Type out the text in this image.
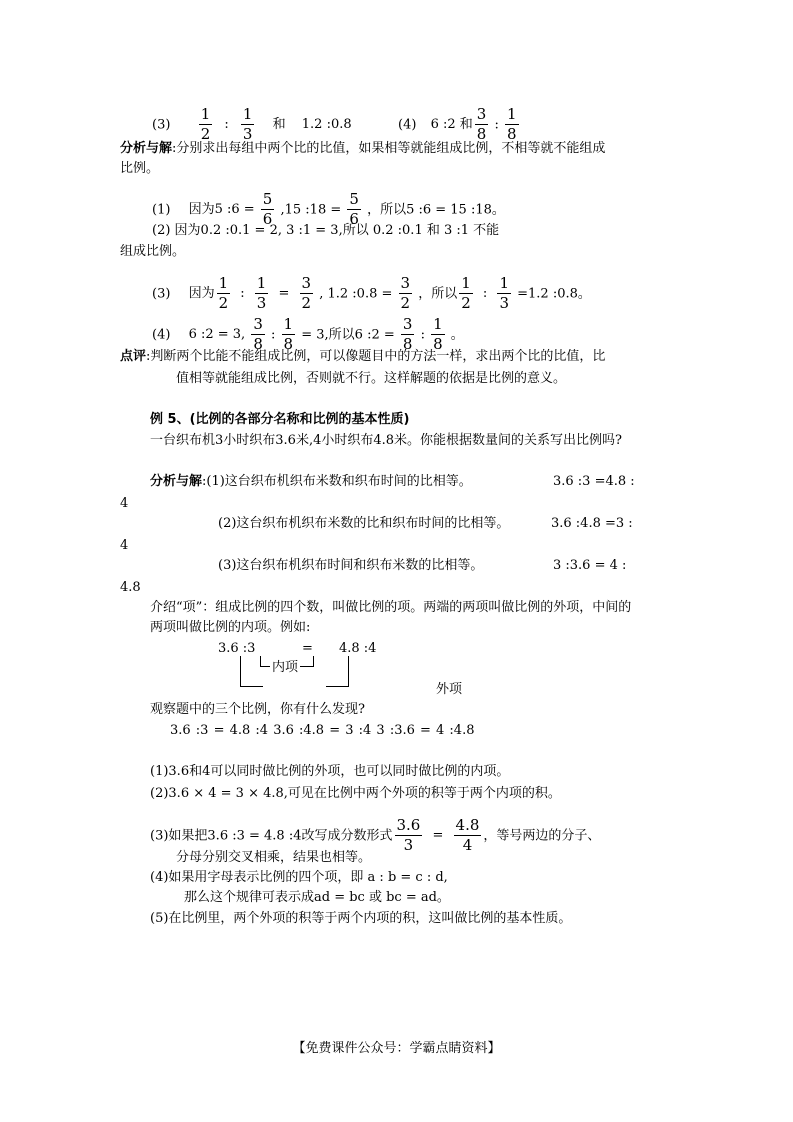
$(3) \frac{1}{2}$ : $\frac{1}{3}$ 和 1.2 :0.8	(4) 6 :2 和 $\frac{3}{8}$ : $\frac{1}{8}$
分析与解:分别求出每组中两个比的比值，如果相等就能组成比例，不相等就不能组成
比例。
(1) 因为5 :6 = $\frac{5}{6} ,15$ :18 = $\frac{5}{6}$ ，所以5 :6 = 15 :18。
(2) 因为0.2 :0.1 = 2, 3 :1 = 3,所以 0.2 :0.1 和 3 :1 不能
组成比例。
(3) 因为 $\frac{1}{2}$ : $\frac{1}{3} = \frac{3}{2}$ , 1.2 :0.8 = $\frac{3}{2}$ ，所以 $\frac{1}{2}$ : $\frac{1}{3} =1.2$ :0.8。
(4) 6 :2 = 3, $\frac{3}{8}$ : $\frac{1}{8} = 3$,所以6 :2 = $\frac{3}{8}$ : $\frac{1}{8}$ 。
点评:判断两个比能不能组成比例，可以像题目中的方法一样，求出两个比的比值，比
值相等就能组成比例，否则就不行。这样解题的依据是比例的意义。
例 5、(比例的各部分名称和比例的基本性质)
一台织布机3小时织布3.6米,4小时织布4.8米。你能根据数量间的关系写出比例吗?
分析与解:(1)这台织布机织布米数和织布时间的比相等。	3.6 :3 =4.8 :
4
(2)这台织布机织布米数的比和织布时间的比相等。	3.6 :4.8 =3 :
4
(3)这台织布机织布时间和织布米数的比相等。	3 :3.6 = 4 :
4.8
介绍“项”：组成比例的四个数，叫做比例的项。两端的两项叫做比例的外项，中间的
两项叫做比例的内项。例如:
3.6 :3	= 4.8 :4
内项
外项
观察题中的三个比例，你有什么发现?
3.6 :3 = 4.8 :4 3.6 :4.8 = 3 :4 3 :3.6 = 4 :4.8
(1)3.6和4可以同时做比例的外项，也可以同时做比例的内项。
(2)3.6 × 4 = 3 × 4.8,可见在比例中两个外项的积等于两个内项的积。
(3)如果把3.6 :3 = 4.8 :4改写成分数形式 $\frac{3.6}{3} = \frac{4.8}{4}$ ，等号两边的分子、
分母分别交叉相乘，结果也相等。
(4)如果用字母表示比例的四个项，即 a : b = c : d,
那么这个规律可表示成ad = bc 或 bc = ad。
(5)在比例里，两个外项的积等于两个内项的积，这叫做比例的基本性质。
【免费课件公众号：学霸点睛资料】
